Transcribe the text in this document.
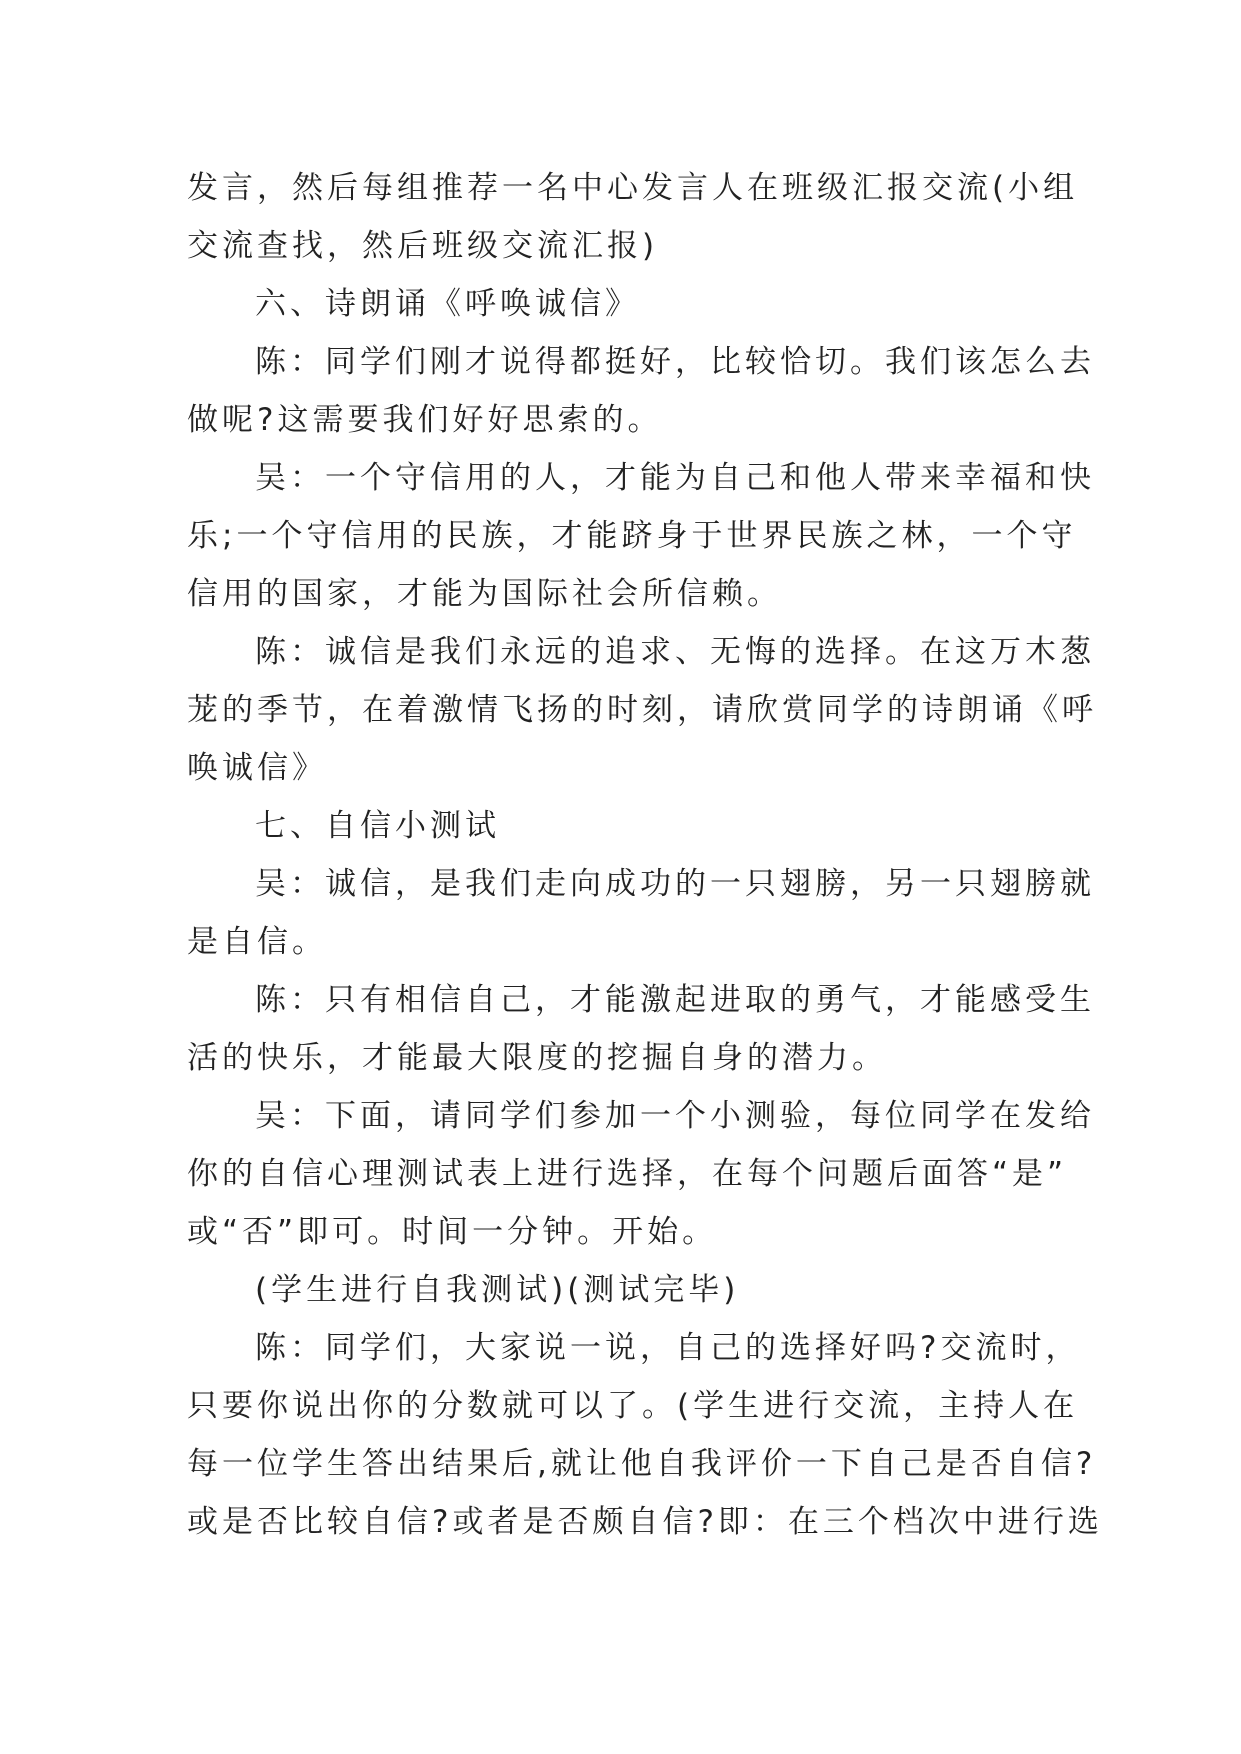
发言，然后每组推荐一名中心发言人在班级汇报交流(小组
交流查找，然后班级交流汇报)
六、诗朗诵《呼唤诚信》
陈：同学们刚才说得都挺好，比较恰切。我们该怎么去
做呢?这需要我们好好思索的。
吴：一个守信用的人，才能为自己和他人带来幸福和快
乐;一个守信用的民族，才能跻身于世界民族之林，一个守
信用的国家，才能为国际社会所信赖。
陈：诚信是我们永远的追求、无悔的选择。在这万木葱
茏的季节，在着激情飞扬的时刻，请欣赏同学的诗朗诵《呼
唤诚信》
七、自信小测试
吴：诚信，是我们走向成功的一只翅膀，另一只翅膀就
是自信。
陈：只有相信自己，才能激起进取的勇气，才能感受生
活的快乐，才能最大限度的挖掘自身的潜力。
吴：下面，请同学们参加一个小测验，每位同学在发给
你的自信心理测试表上进行选择，在每个问题后面答“是”
或“否”即可。时间一分钟。开始。
(学生进行自我测试)(测试完毕)
陈：同学们，大家说一说，自己的选择好吗?交流时，
只要你说出你的分数就可以了。(学生进行交流，主持人在
每一位学生答出结果后,就让他自我评价一下自己是否自信?
或是否比较自信?或者是否颇自信?即：在三个档次中进行选
